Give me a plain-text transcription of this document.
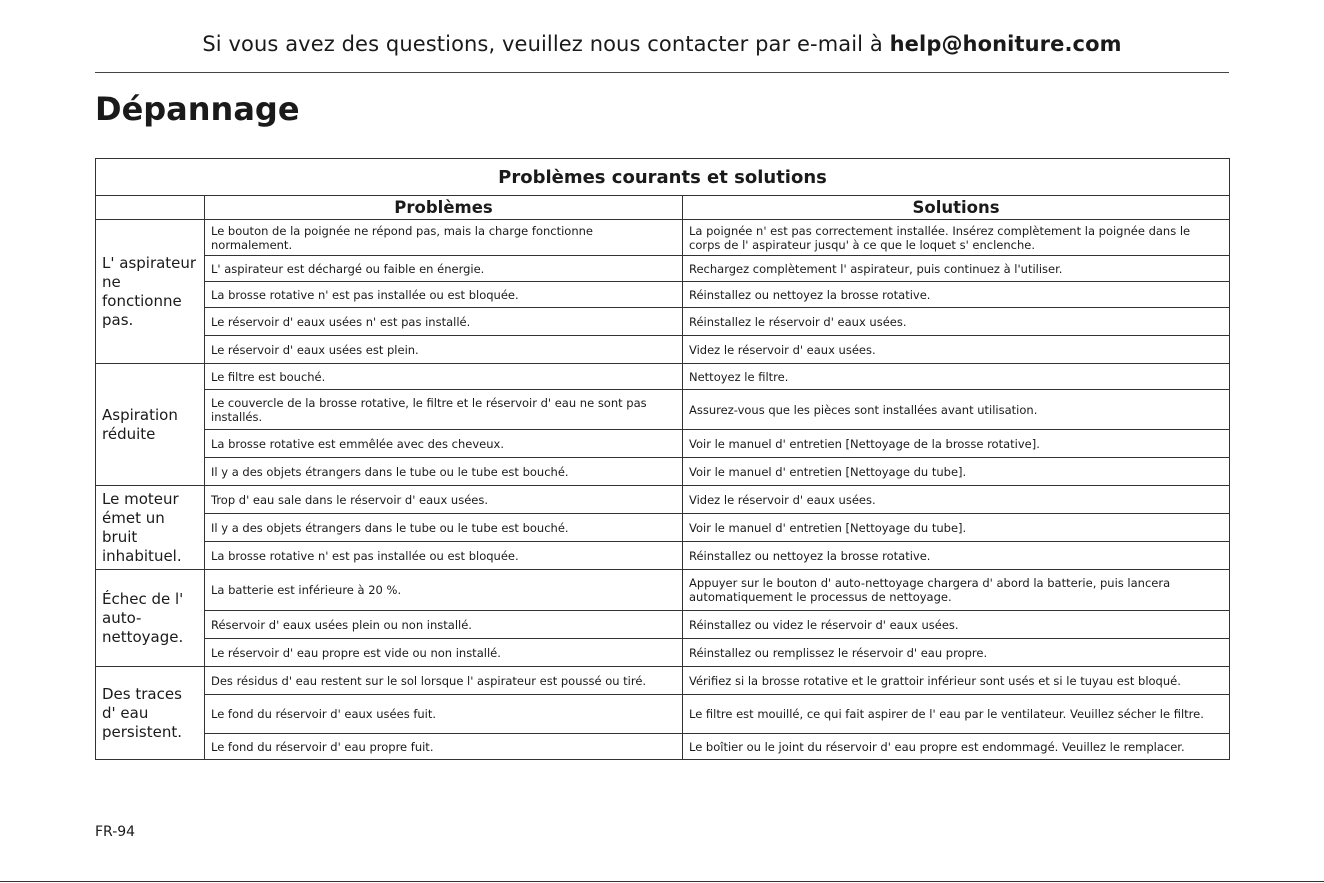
Si vous avez des questions, veuillez nous contacter par e-mail à help@honiture.com
Dépannage
Problèmes courants et solutions		
	Problèmes	Solutions
L' aspirateur ne fonctionne pas.	Le bouton de la poignée ne répond pas, mais la charge fonctionne normalement.	La poignée n' est pas correctement installée. Insérez complètement la poignée dans le corps de l' aspirateur jusqu' à ce que le loquet s' enclenche.
	L' aspirateur est déchargé ou faible en énergie.	Rechargez complètement l' aspirateur, puis continuez à l'utiliser.
	La brosse rotative n' est pas installée ou est bloquée.	Réinstallez ou nettoyez la brosse rotative.
	Le réservoir d' eaux usées n' est pas installé.	Réinstallez le réservoir d' eaux usées.
	Le réservoir d' eaux usées est plein.	Videz le réservoir d' eaux usées.
Aspiration réduite	Le filtre est bouché.	Nettoyez le filtre.
	Le couvercle de la brosse rotative, le filtre et le réservoir d' eau ne sont pas installés.	Assurez-vous que les pièces sont installées avant utilisation.
	La brosse rotative est emmêlée avec des cheveux.	Voir le manuel d' entretien [Nettoyage de la brosse rotative].
	Il y a des objets étrangers dans le tube ou le tube est bouché.	Voir le manuel d' entretien [Nettoyage du tube].
Le moteur émet un bruit inhabituel.	Trop d' eau sale dans le réservoir d' eaux usées.	Videz le réservoir d' eaux usées.
	Il y a des objets étrangers dans le tube ou le tube est bouché.	Voir le manuel d' entretien [Nettoyage du tube].
	La brosse rotative n' est pas installée ou est bloquée.	Réinstallez ou nettoyez la brosse rotative.
Échec de l' auto-nettoyage.	La batterie est inférieure à 20 %.	Appuyer sur le bouton d' auto-nettoyage chargera d' abord la batterie, puis lancera automatiquement le processus de nettoyage.
	Réservoir d' eaux usées plein ou non installé.	Réinstallez ou videz le réservoir d' eaux usées.
	Le réservoir d' eau propre est vide ou non installé.	Réinstallez ou remplissez le réservoir d' eau propre.
Des traces d' eau persistent.	Des résidus d' eau restent sur le sol lorsque l' aspirateur est poussé ou tiré.	Vérifiez si la brosse rotative et le grattoir inférieur sont usés et si le tuyau est bloqué.
	Le fond du réservoir d' eaux usées fuit.	Le filtre est mouillé, ce qui fait aspirer de l' eau par le ventilateur. Veuillez sécher le filtre.
	Le fond du réservoir d' eau propre fuit.	Le boîtier ou le joint du réservoir d' eau propre est endommagé. Veuillez le remplacer.
FR-94
